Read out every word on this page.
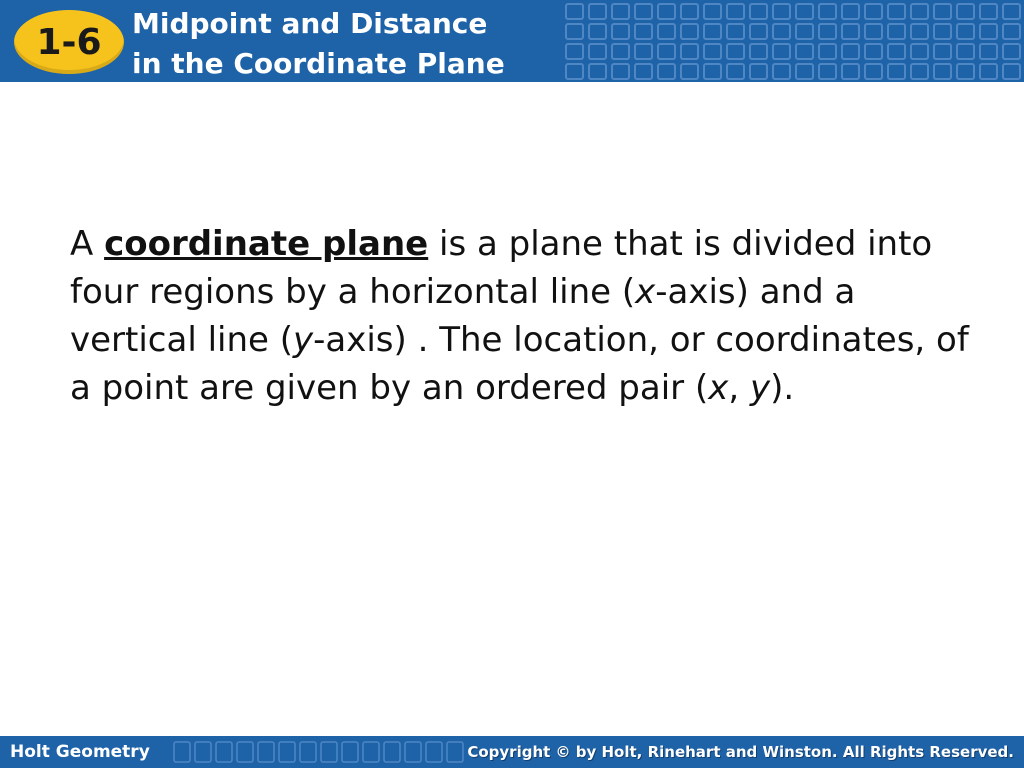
1-6 Midpoint and Distance
in the Coordinate Plane
A coordinate plane is a plane that is divided into four regions by a horizontal line (x-axis) and a vertical line (y-axis) . The location, or coordinates, of a point are given by an ordered pair (x, y).
Holt Geometry	Copyright © by Holt, Rinehart and Winston. All Rights Reserved.
